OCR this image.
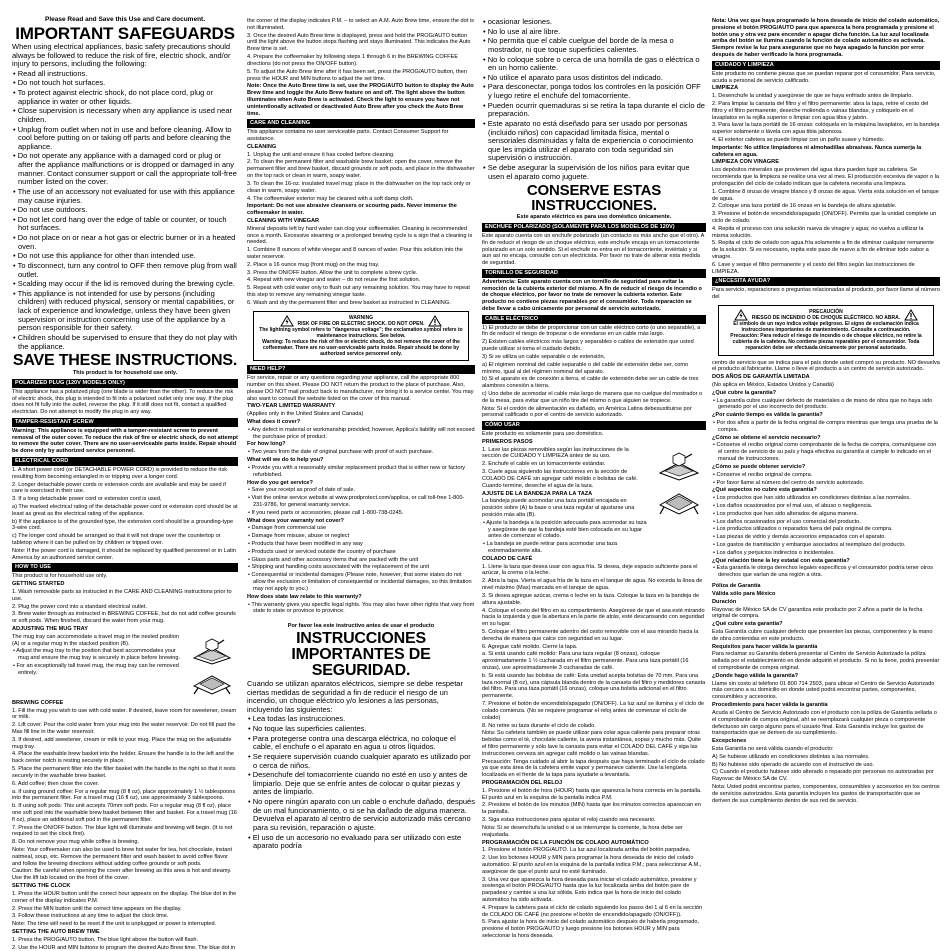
Please Read and Save this Use and Care document.

IMPORTANT SAFEGUARDS

When using electrical appliances, basic safety precautions should always be followed to reduce the risk of fire, electric shock, and/or injury to persons, including the following:

• Read all instructions.

• Do not touch hot surfaces.

• To protect against electric shock, do not place cord, plug or appliance in water or other liquids.

• Close supervision is necessary when any appliance is used near children.

• Unplug from outlet when not in use and before cleaning. Allow to cool before putting on or taking off parts and before cleaning the appliance.

• Do not operate any appliance with a damaged cord or plug or after the appliance malfunctions or is dropped or damaged in any manner. Contact consumer support or call the appropriate toll-free number listed on the cover.

• The use of an accessory not evaluated for use with this appliance may cause injuries.

• Do not use outdoors.

• Do not let cord hang over the edge of table or counter, or touch hot surfaces.

• Do not place on or near a hot gas or electric burner or in a heated oven.

• Do not use this appliance for other than intended use.

• To disconnect, turn any control to OFF then remove plug from wall outlet.

• Scalding may occur if the lid is removed during the brewing cycle.

• This appliance is not intended for use by persons (including children) with reduced physical, sensory or mental capabilities, or lack of experience and knowledge, unless they have been given supervision or instruction concerning use of the appliance by a person responsible for their safety.

• Children should be supervised to ensure that they do not play with the appliance.

SAVE THESE INSTRUCTIONS.

This product is for household use only.

POLARIZED PLUG (120V MODELS ONLY)

This appliance has a polarized plug (one blade is wider than the other). To reduce the risk of electric shock, this plug is intended to fit into a polarized outlet only one way. If the plug does not fit fully into the outlet, reverse the plug. If it still does not fit, contact a qualified electrician. Do not attempt to modify the plug in any way.

TAMPER-RESISTANT SCREW

Warning: This appliance is equipped with a tamper-resistant screw to prevent removal of the outer cover. To reduce the risk of fire or electric shock, do not attempt to remove the outer cover. There are no user-serviceable parts inside. Repair should be done only by authorized service personnel.

ELECTRICAL CORD

1. A short power cord (or DETACHABLE POWER CORD) is provided to reduce the risk resulting from becoming entangled in or tripping over a longer cord.

2. Longer detachable power cords or extension cords are available and may be used if care is exercised in their use.

3. If a long detachable power cord or extension cord is used,

a) The marked electrical rating of the detachable power cord or extension cord should be at least as great as the electrical rating of the appliance.

b) If the appliance is of the grounded type, the extension cord should be a grounding-type 3-wire cord.

c) The longer cord should be arranged so that it will not drape over the countertop or tabletop where it can be pulled on by children or tripped over.

Note: If the power cord is damaged, it should be replaced by qualified personnel or in Latin America by an authorized service center.

HOW TO USE

This product is for household use only.

GETTING STARTED

1. Wash removable parts as instructed in the CARE AND CLEANING instructions prior to use.

2. Plug the power cord into a standard electrical outlet.

3. Brew water through as instructed in BREWING COFFEE, but do not add coffee grounds or soft pods. When finished, discard the water from your mug.

ADJUSTING THE MUG TRAY

The mug tray can accommodate a travel mug in the nested position (A) or a regular mug in the stacked position (B).

• Adjust the mug tray to the position that best accommodates your mug and ensure the mug tray is securely in place before brewing.

• For an exceptionally tall travel mug, the mug tray can be removed entirely.

BREWING COFFEE

1. Fill the mug you wish to use with cold water. If desired, leave room for sweetener, cream or milk.

2. Lift cover. Pour the cold water from your mug into the water reservoir. Do not fill past the Max fill line in the water reservoir.

3. If desired, add sweetener, cream or milk to your mug. Place the mug on the adjustable mug tray.

4. Place the washable brew basket into the holder. Ensure the handle is to the left and the back center notch is resting securely in place.

5. Place the permanent filter into the filter basket with the handle to the right so that it rests securely in the washable brew basket.

6. Add coffee; then close the cover.

a. If using ground coffee: For a regular mug (8 fl oz), place approximately 1 ½ tablespoons into the permanent filter. For a travel mug (16 fl oz), use approximately 3 tablespoons.

b. If using soft pods: This unit accepts 70mm soft pods. For a regular mug (8 fl oz), place one soft pod into the washable brew basket between filter and basket. For a travel mug (16 fl oz), place an additional soft pod in the permanent filter.

7. Press the ON/OFF button. The blue light will illuminate and brewing will begin. (It is not required to set the clock first).

8. Do not remove your mug while coffee is brewing.

Note: Your coffeemaker can also be used to brew hot water for tea, hot chocolate, instant oatmeal, soup, etc. Remove the permanent filter and wash basket to avoid coffee flavor and follow the brewing directions without adding coffee grounds or soft pods.

Caution: Be careful when opening the cover after brewing as this area is hot and steamy. Use the lift tab located on the front of the cover.

SETTING THE CLOCK

1. Press the HOUR button until the correct hour appears on the display. The blue dot in the corner of the display indicates P.M.

2. Press the MIN button until the correct time appears on the display.

3. Follow these instructions at any time to adjust the clock time.

Note: The time will need to be reset if the unit is unplugged or power is interrupted.

SETTING THE AUTO BREW TIME

1. Press the PROG/AUTO button. The blue light above the button will flash.

2. Use the HOUR and MIN buttons to program the desired Auto Brew time. The blue dot in

the corner of the display indicates P.M. – to select an A.M. Auto Brew time, ensure the dot is not illuminated.

3. Once the desired Auto Brew time is displayed, press and hold the PROG/AUTO button until the light above the button stops flashing and stays illuminated. This indicates the Auto Brew time is set.

4. Prepare the coffeemaker by following steps 1 through 6 in the BREWING COFFEE directions (do not press the ON/OFF button).

5. To adjust the Auto Brew time after it has been set, press the PROG/AUTO button, then press the HOUR and MIN buttons to adjust the set time.

Note: Once the Auto Brew time is set, use the PROG/AUTO button to display the Auto Brew time and toggle the Auto Brew feature on and off. The light above the button illuminates when Auto Brew is activated. Check the light to ensure you have not unintentionally activated or deactivated Auto Brew after you check the Auto Brew time.

CARE AND CLEANING

This appliance contains no user serviceable parts. Contact Consumer Support for assistance.

CLEANING

1. Unplug the unit and ensure it has cooled before cleaning.

2. To clean the permanent filter and washable brew basket: open the cover, remove the permanent filter and brew basket, discard grounds or soft pods, and place in the dishwasher on the top rack or clean in warm, soapy water.

3. To clean the 16-oz. insulated travel mug: place in the dishwasher on the top rack only or clean in warm, soapy water.

4. The coffeemaker exterior may be cleaned with a soft damp cloth.

Important: Do not use abrasive cleansers or scouring pads. Never immerse the coffeemaker in water.

CLEANING WITH VINEGAR

Mineral deposits left by hard water can clog your coffeemaker. Cleaning is recommended once a month. Excessive steaming or a prolonged brewing cycle is a sign that a cleaning is needed.

1. Combine 8 ounces of white vinegar and 8 ounces of water. Pour this solution into the water reservoir.

2. Place a 16 ounce mug (front mug) on the mug tray.

3. Press the ON/OFF button. Allow the unit to complete a brew cycle.

4. Repeat with new vinegar and water – do not reuse the first solution.

5. Repeat with cold water only to flush out any remaining solution. You may have to repeat this step to remove any remaining vinegar taste.

6. Wash and dry the permanent filter and brew basket as instructed in CLEANING.

WARNING
RISK OF FIRE OR ELECTRIC SHOCK. DO NOT OPEN.
The lightning symbol refers to "dangerous voltage"; the exclamation symbol refers to maintenance instructions. See below.
Warning: To reduce the risk of fire or electric shock, do not remove the cover of the coffeemaker. There are no user-serviceable parts inside. Repair should be done by authorized service personnel only.
NEED HELP?

For service, repair or any questions regarding your appliance, call the appropriate 800 number on this sheet. Please DO NOT return the product to the place of purchase. Also, please DO NOT mail product back to manufacturer, nor bring it to a service center. You may also want to consult the website listed on the cover of this manual.

TWO-YEAR LIMITED WARRANTY

(Applies only in the United States and Canada)

What does it cover?

• Any defect in material or workmanship provided; however, Applica's liability will not exceed the purchase price of product.

For how long?

• Two years from the date of original purchase with proof of such purchase.

What will we do to help you?

• Provide you with a reasonably similar replacement product that is either new or factory refurbished.

How do you get service?

• Save your receipt as proof of date of sale.

• Visit the online service website at www.prodprotect.com/applica, or call toll-free 1-800-231-9786, for general warranty service.

• If you need parts or accessories, please call 1-800-738-0245.

What does your warranty not cover?

• Damage from commercial use

• Damage from misuse, abuse or neglect

• Products that have been modified in any way

• Products used or serviced outside the country of purchase

• Glass parts and other accessory items that are packed with the unit

• Shipping and handling costs associated with the replacement of the unit

• Consequential or incidental damages (Please note, however, that some states do not allow the exclusion or limitation of consequential or incidental damages, so this limitation may not apply to you.)

How does state law relate to this warranty?

• This warranty gives you specific legal rights. You may also have other rights that vary from state to state or province to province.

Por favor lea este instructivo antes de usar el producto

INSTRUCCIONES IMPORTANTES DE SEGURIDAD.

Cuando se utilizan aparatos eléctricos, siempre se debe respetar ciertas medidas de seguridad a fin de reducir el riesgo de un incendio, un choque eléctrico y/o lesiones a las personas, incluyendo las siguientes:

• Lea todas las instrucciones.

• No toque las superficies calientes.

• Para protegerse contra una descarga eléctrica, no coloque el cable, el enchufe o el aparato en agua u otros líquidos.

• Se requiere supervisión cuando cualquier aparato es utilizado por o cerca de niños.

• Desenchufe del tomacorriente cuando no esté en uso y antes de limpiarlo. Deje que se enfríe antes de colocar o quitar piezas y antes de limpiarlo.

• No opere ningún aparato con un cable o enchufe dañado, después de un mal funcionamiento, o si se ha dañado de alguna manera. Devuelva el aparato al centro de servicio autorizado más cercano para su revisión, reparación o ajuste.

• El uso de un accesorio no evaluado para ser utilizado con este aparato podría

• ocasionar lesiones.

• No lo use al aire libre.

• No permita que el cable cuelgue del borde de la mesa o mostrador, ni que toque superficies calientes.

• No lo coloque sobre o cerca de una hornilla de gas o eléctrica o en un horno caliente.

• No utilice el aparato para usos distintos del indicado.

• Para desconectar, ponga todos los controles en la posición OFF y luego retire el enchufe del tomacorriente.

• Pueden ocurrir quemaduras si se retira la tapa durante el ciclo de preparación.

• Este aparato no está diseñado para ser usado por personas (incluido niños) con capacidad limitada física, mental o sensoriales disminuidas y falta de experiencia o conocimiento que les impida utilizar el aparato con toda seguridad sin supervisión o instrucción.

• Se debe asegurar la supervisión de los niños para evitar que usen el aparato como juguete.

CONSERVE ESTAS INSTRUCCIONES.

Este aparato eléctrico es para uso doméstico únicamente.

ENCHUFE POLARIZADO (SOLAMENTE PARA LOS MODELOS DE 120V)

Este aparato cuenta con un enchufe polarizado (un contacto es más ancho que el otro). A fin de reducir el riesgo de un choque eléctrico, este enchufe encaja en un tomacorriente polarizado en un solo sentido. Si el enchufe no entra en el tomacorriente, inviértalo y si aun así no encaja, consulte con un electricista. Por favor no trate de alterar esta medida de seguridad.

TORNILLO DE SEGURIDAD

Advertencia: Este aparato cuenta con un tornillo de seguridad para evitar la remoción de la cubierta exterior del mismo. A fin de reducir el riesgo de incendio o de choque eléctrico, por favor no trate de remover la cubierta exterior. Este producto no contiene piezas reparables por el consumidor. Toda reparación se debe llevar a cabo únicamente por personal de servicio autorizado.

CABLE ELÉCTRICO

1) El producto se debe de proporcionar con un cable eléctrico corto (o uno separable), a fin de reducir el riesgo de tropezar o de enredarse en un cable más largo.

2) Existen cables eléctricos más largos y separables o cables de extensión que usted puede utilizar si toma el cuidado debido.

3) Si se utiliza un cable separable o de extensión,

a) El régimen nominal del cable separable o del cable de extensión debe ser, como mínimo, igual al del régimen nominal del aparato.

b) Si el aparato es de conexión a tierra, el cable de extensión debe ser un cable de tres alambres conexión a tierra.

c) Uno debe de acomodar el cable más largo de manera que no cuelgue del mostrador o de la mesa, para evitar que un niño tire del mismo o que alguien se tropiece.

Nota: Si el cordón de alimentación es dañado, en América Latina debesustituirse por personal calificado o por el centro de servicio autorizado.

CÓMO USAR

Este producto es solamente para uso doméstico.

PRIMEROS PASOS

1. Lave las piezas removibles según las instrucciones de la sección de CUIDADO Y LIMPIEZA antes de su uso.

2. Enchufe el cable en un tomacorriente estándar.

3. Cuele agua siguiendo las instrucciones en la sección de COLADO DE CAFÉ sin agregar café molido o bolsitas de café. Cuando termine, deseche el agua de la taza.

AJUSTE DE LA BANDEJA PARA LA TAZA

La bandeja puede acomodar una taza portátil encajada en posición sobre (A) la base o una taza regular al ajustarse una posición más alta (B).

• Ajuste la bandeja a la posición adecuada para acomodar su taza y asegúrese de que la bandeja esté bien colocada en su lugar antes de comenzar el colado.

• La bandeja se puede retirar para acomodar una taza extremadamente alta.

COLADO DE CAFÉ

1. Llene la taza que desea usar con agua fría. Si desea, deje espacio suficiente para el azúcar, la crema o la leche.

2. Abra la tapa. Vierta el agua fría de la taza en el tanque de agua. No exceda la línea de nivel máximo (Max) marcada en el tanque de agua.

3. Si desea agregue azúcar, crema o leche en la taza. Coloque la taza en la bandeja de altura ajustable.

4. Coloque el cesto del filtro en su compartimiento. Asegúrese de que el asa esté mirando hacia la izquierda y que la abertura en la parte de atrás, esté descansando con seguridad en su lugar.

5. Coloque el filtro permanente adentro del cesto removible con el asa mirando hacia la derecha de manera que calce con seguridad en su lugar.

6. Agregue café molido. Cierre la tapa.

a. Si está usando café molido: Para una taza regular (8 onzas), coloque aproximadamente 1 ½ cucharada en el filtro permanente. Para una taza portátil (16 onzas), use aproximadamente 3 cucharadas de café.

b. Si está usando las bolsitas de café: Esta unidad acepta bolsitas de 70 mm. Para una taza normal (8 oz), una cápsula blanda dentro de la canasta del filtro y medidores canasta del filtro. Para una taza portátil (16 onzas), coloque una bolsita adicional en el filtro permanente.

7. Presione el botón de encendido/apagado (ON/OFF). La luz azul se ilumina y el ciclo de colado comienza. (No se requiere programar el reloj antes de comenzar el ciclo de colado)

8. No retire su taza durante el ciclo de colado.

Nota: Su cafetera también se puede utilizar para colar agua caliente para preparar otras bebidas como el té, chocolate caliente, la avena instantánea, sopas y mucho más. Quite el filtro permanente y sólo lave la canasta para evitar el COLADO DEL CAFÉ y siga las instrucciones cerveza sin agregar café molido o las vainas blandas.

Precaución: Tenga cuidado al abrir la tapa después que haya terminado el ciclo de colado ya que esta área de la cafetera emite vapor y permanece caliente. Use la lengüeta localizada en el frente de la tapa para ayudarle a levantarla.

PROGRAMACIÓN DEL RELOJ

1. Presione el botón de hora (HOUR) hasta que aparezca la hora correcta en la pantalla. El punto azul en la esquina de la pantalla indica P.M.

2. Presione el botón de los minutos (MIN) hasta que los minutos correctos aparezcan en la pantalla.

3. Siga estas instrucciones para ajustar el reloj cuando sea necesario.

Nota: Si se desenchufa la unidad o si se interrumpe la corriente, la hora debe ser reajustada.

PROGRAMACIÓN DE LA FUNCIÓN DE COLADO AUTOMÁTICO

1. Presione el botón PROG/AUTO. La luz azul localizada arriba del botón parpadea.

2. Use los botones HOUR y MIN para programar la hora deseada de inicio del colado automático. El punto azul en la esquina de la pantalla indica P.M.; para seleccionar A.M., asegúrese de que el punto azul no esté iluminado.

3. Una vez que aparezca la hora deseada para iniciar el colado automático, presione y sostenga el botón PROG/AUTO hasta que la luz localizada arriba del botón pare de parpadear y cambie a una luz sólida. Esto indica que la hora de inicio del colado automático ha sido activada.

4. Prepare la cafetera para el ciclo de colado siguiendo los pasos del 1 al 6 en la sección de COLADO DE CAFÉ (no presione el botón de encendido/apagado (ON/OFF)).

5. Para ajustar la hora de inicio del colado automático después de haberla programado, presione el botón PROG/AUTO y luego presione los botones HOUR y MIN para seleccionar la hora deseada.

Nota: Una vez que haya programado la hora deseada de inicio del colado automático, presione el botón PROG/AUTO para que aparezca la hora programada y presione el botón una y otra vez para encender o apagar dicha función. La luz azul localizada arriba del botón se ilumina cuando la función de colado automático es activada. Siempre revise la luz para asegurarse que no haya apagado la función por error después de haber verificado la hora programada.

CUIDADO Y LIMPIEZA

Este producto no contiene piezas que se puedan reparar por el consumidor. Para servicio, acuda a personal de servicio calificado.

LIMPIEZA

1. Desenchufe la unidad y asegúrese de que se haya enfriado antes de limpiarlo.

2. Para limpiar la canasta del filtro y el filtro permanente: abra la tapa, retire el cesto del filtro y el filtro permanente, deseche molienda o vainas blandas, y colóquelo en el lavaplatos en la rejilla superior o límpiar con agua tibia y jabón.

3. Para lavar la taza portátil de 16 onzas: colóquela en la máquina lavaplatos, en la bandeja superior solamente o lávela con agua tibia jabonosa.

4. El exterior cafetera se puede limpiar con un paño suave y húmedo.

Importante: No utilice limpiadores ni almohadillas abrasivas. Nunca sumerja la cafetera en agua.

LIMPIEZA CON VINAGRE

Los depósitos minerales que provienen del agua dura pueden tupir su cafetera. Se recomienda que la limpieza se realice una vez al mes. El producción excesiva de vapor o la prolongación del ciclo de colado indican que la cafetera necesita una limpieza.

1. Combine 8 onzas de vinagre blanco y 8 onzas de agua. Vierta esta solución en el tanque de agua.

2. Coloque una taza portátil de 16 onzas en la bandeja de altura ajustable.

3. Presione el botón de encendido/apagado (ON/OFF). Permita que la unidad complete un ciclo de colado.

4. Repita el proceso con una solución nueva de vinagre y agua; no vuelva a utilizar la misma solución.

5. Repita el ciclo de colado con agua fría solamente a fin de eliminar cualquier remanente de la solución. Si es necesario, repita este paso de nuevo a fin de eliminar todo sabor a vinagre.

6. Lave y seque el filtro permanente y el cesto del filtro según las instrucciones de LIMPIEZA.

¿NECESITA AYUDA?

Para servicio, reparaciones o preguntas relacionadas al producto, por favor llame al número del

PRECAUCIÓN
RIESGO DE INCENDIO O DE CHOQUE ELÉCTRICO. NO ABRA.
El símbolo de un rayo indica voltaje peligroso. El signo de exclamación indica instrucciones importantes de mantenimiento. Consulte a continuación.
Precaución: Para reducir el riesgo de incendio o de choque eléctrico, no retire la cubierta de la cafetera. No contiene piezas reparables por el consumidor. Toda reparación debe ser efectuada únicamente por personal autorizado.

centro de servicio que se indica para el país donde usted compró su producto. NO devuelva el producto al fabricante. Llame o lleve el producto a un centro de servicio autorizado.

DOS AÑOS DE GARANTÍA LIMITADA

(No aplica en México, Estados Unidos y Canadá)

¿Qué cubre la garantía?

• La garantía cubre cualquier defecto de materiales o de mano de obra que no haya sido generado por el uso incorrecto del producto.

¿Por cuánto tiempo es válida la garantía?

• Por dos años a partir de la fecha original de compra mientras que tenga una prueba de la compra.

¿Cómo se obtiene el servicio necesario?

• Conserve el recibo original como comprobante de la fecha de compra, comuníquese con el centro de servicio de su país y haga efectiva su garantía si cumple lo indicado en el manual de instrucciones.

¿Cómo se puede obtener servicio?

• Conserve el recibo original de compra.

• Por favor llame al número del centro de servicio autorizado.

¿Qué aspectos no cubre esta garantía?

• Los productos que han sido utilizados en condiciones distintas a las normales.

• Los daños ocasionados por el mal uso, el abuso o negligencia.

• Los productos que han sido alterados de alguna manera.

• Los daños ocasionados por el uso comercial del producto.

• Los productos utilizados o reparados fuera del país original de compra.

• Las piezas de vidrio y demás accesorios empacados con el aparato.

• Los gastos de tramitación y embarque asociados al reemplazo del producto.

• Los daños y perjuicios indirectos o incidentales.

¿Qué relación tiene la ley estatal con esta garantía?

• Esta garantía le otorga derechos legales específicos y el consumidor podría tener otros derechos que varían de una región a otra.

Póliza de Garantía

Válida sólo para México

Duración

Rayovac de México SA de CV garantiza este producto por 2 años a partir de la fecha original de compra.

¿Qué cubre esta garantía?

Esta Garantía cubre cualquier defecto que presenten las piezas, componentes y la mano de obra contenidas en este producto.

Requisitos para hacer válida la garantía

Para reclamar su Garantía deberá presentar al Centro de Servicio Autorizado la póliza sellada por el establecimiento en donde adquirió el producto. Si no la tiene, podrá presentar el comprobante de compra original.

¿Donde hago válida la garantía?

Llame sin costo al teléfono 01 800 714 2503, para ubicar el Centro de Servicio Autorizado más cercano a su domicilio en donde usted podrá encontrar partes, componentes, consumibles y accesorios.

Procedimiento para hacer válida la garantía

Acuda al Centro de Servicio Autorizado con el producto con la póliza de Garantía sellada o el comprobante de compra original, ahí se reemplazará cualquier pieza o componente defectuoso sin cargo alguno para el usuario final. Esta Garantía incluye los gastos de transportación que se deriven de su cumplimiento.

Excepciones

Esta Garantía no será válida cuando el producto:

A) Se hubiese utilizado en condiciones distintas a las normales.

B) No hubiese sido operado de acuerdo con el instructivo de uso.

C) Cuando el producto hubiese sido alterado o reparado por personas no autorizadas por Rayovac de México SA de CV.

Nota: Usted podrá encontrar partes, componentes, consumibles y accesorios en los centros de servicios autorizados. Esta garantía incluyen los gastos de transportación que se deriven de sus cumplimiento dentro de sus red de servicio.
